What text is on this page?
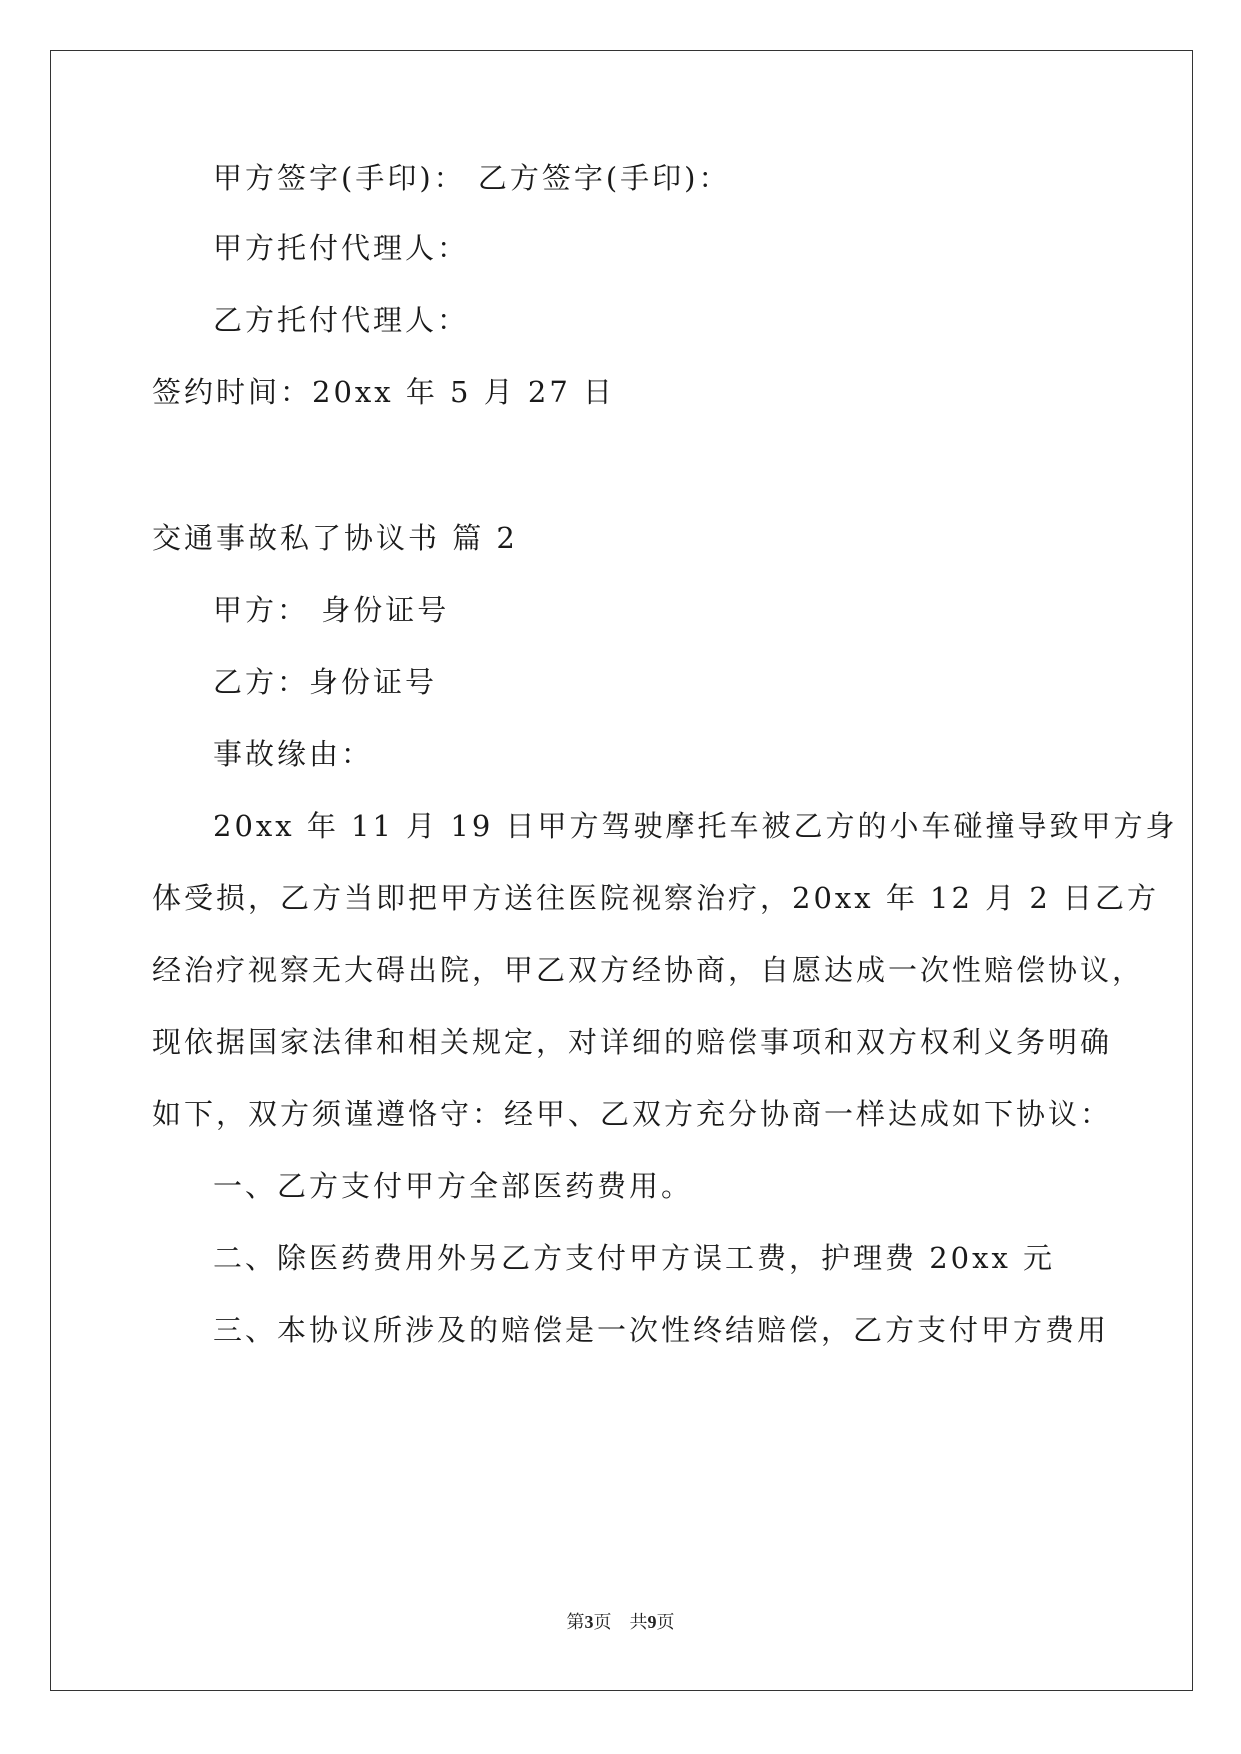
甲方签字(手印)： 乙方签字(手印)：
甲方托付代理人：
乙方托付代理人：
签约时间：20xx 年 5 月 27 日
交通事故私了协议书 篇 2
甲方： 身份证号
乙方：身份证号
事故缘由：
20xx 年 11 月 19 日甲方驾驶摩托车被乙方的小车碰撞导致甲方身
体受损，乙方当即把甲方送往医院视察治疗，20xx 年 12 月 2 日乙方
经治疗视察无大碍出院，甲乙双方经协商，自愿达成一次性赔偿协议，
现依据国家法律和相关规定，对详细的赔偿事项和双方权利义务明确
如下，双方须谨遵恪守：经甲、乙双方充分协商一样达成如下协议：
一、乙方支付甲方全部医药费用。
二、除医药费用外另乙方支付甲方误工费，护理费 20xx 元
三、本协议所涉及的赔偿是一次性终结赔偿，乙方支付甲方费用
第3页　共9页
